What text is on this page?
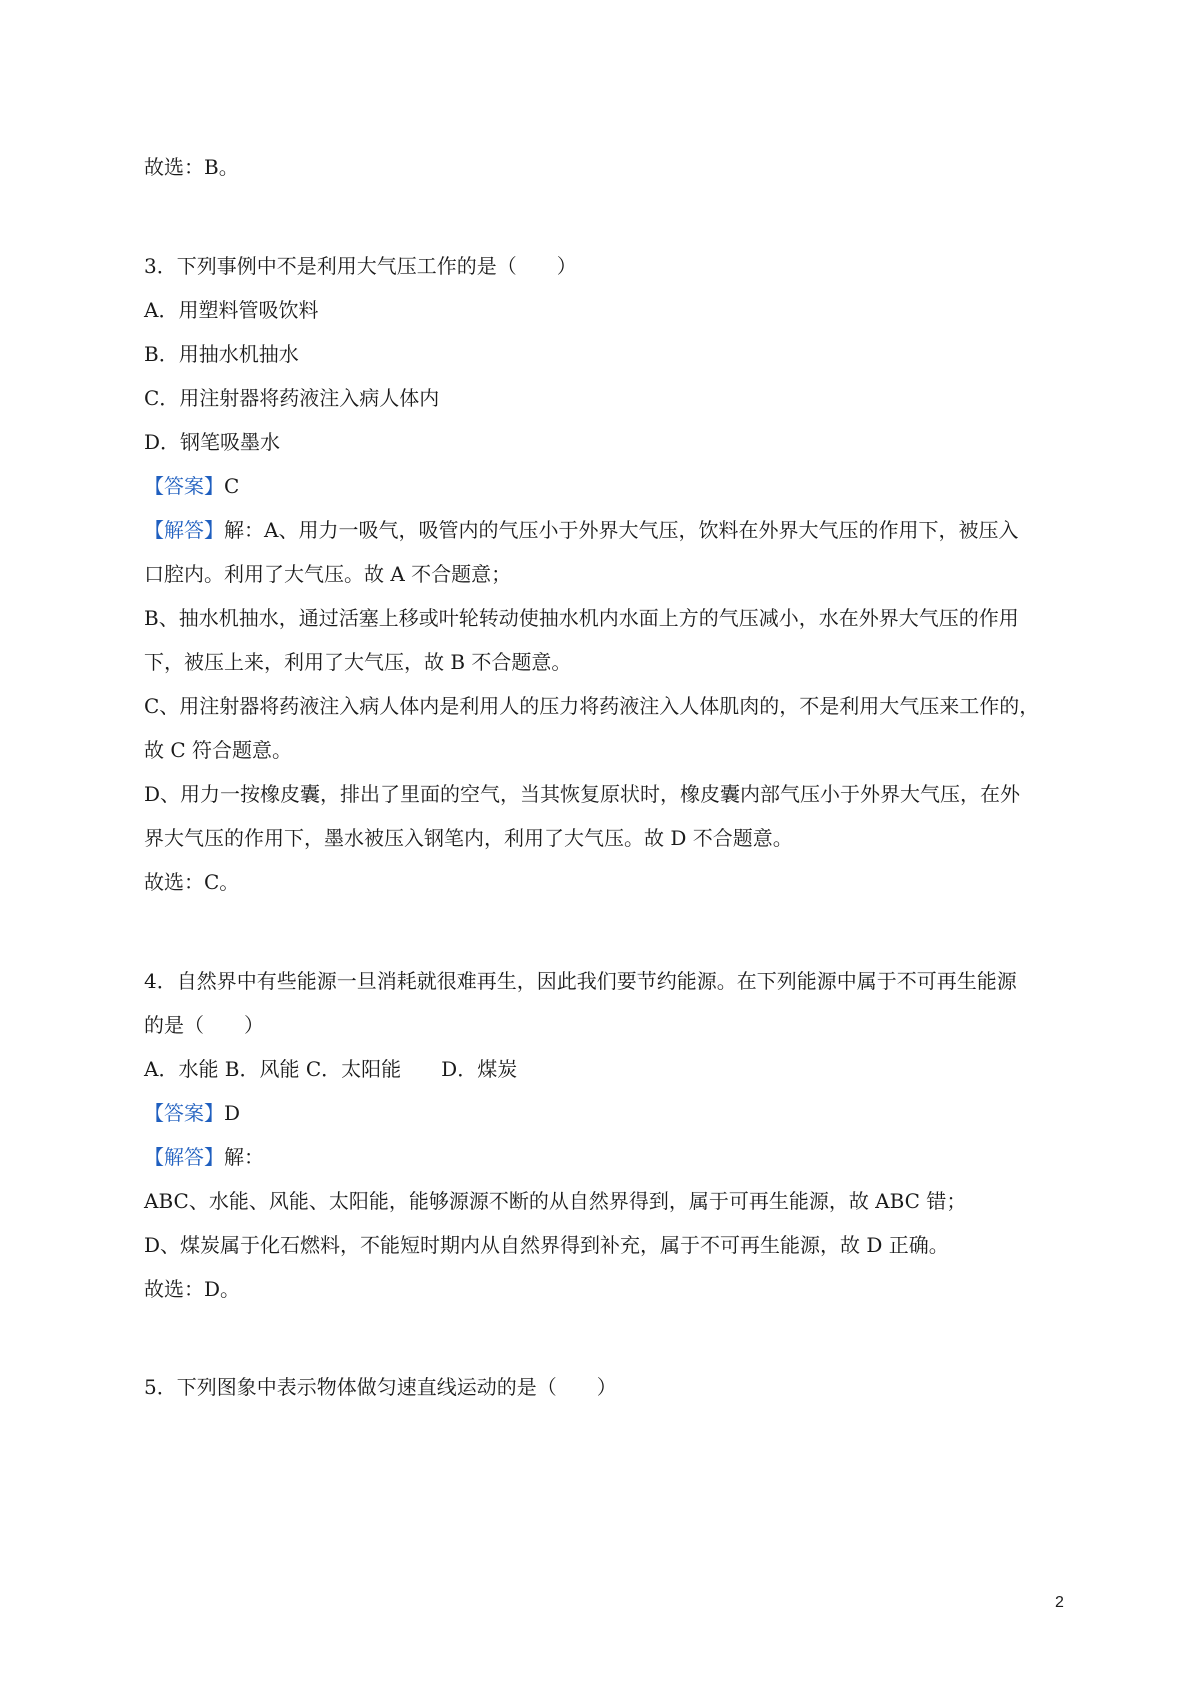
故选：B。
3．下列事例中不是利用大气压工作的是（　　）
A．用塑料管吸饮料
B．用抽水机抽水
C．用注射器将药液注入病人体内
D．钢笔吸墨水
【答案】C
【解答】解：A、用力一吸气，吸管内的气压小于外界大气压，饮料在外界大气压的作用下，被压入
口腔内。利用了大气压。故 A 不合题意；
B、抽水机抽水，通过活塞上移或叶轮转动使抽水机内水面上方的气压减小，水在外界大气压的作用
下，被压上来，利用了大气压，故 B 不合题意。
C、用注射器将药液注入病人体内是利用人的压力将药液注入人体肌肉的，不是利用大气压来工作的，
故 C 符合题意。
D、用力一按橡皮囊，排出了里面的空气，当其恢复原状时，橡皮囊内部气压小于外界大气压，在外
界大气压的作用下，墨水被压入钢笔内，利用了大气压。故 D 不合题意。
故选：C。
4．自然界中有些能源一旦消耗就很难再生，因此我们要节约能源。在下列能源中属于不可再生能源
的是（　　）
A．水能 B．风能 C．太阳能　　D．煤炭
【答案】D
【解答】解：
ABC、水能、风能、太阳能，能够源源不断的从自然界得到，属于可再生能源，故 ABC 错；
D、煤炭属于化石燃料，不能短时期内从自然界得到补充，属于不可再生能源，故 D 正确。
故选：D。
5．下列图象中表示物体做匀速直线运动的是（　　）
2
